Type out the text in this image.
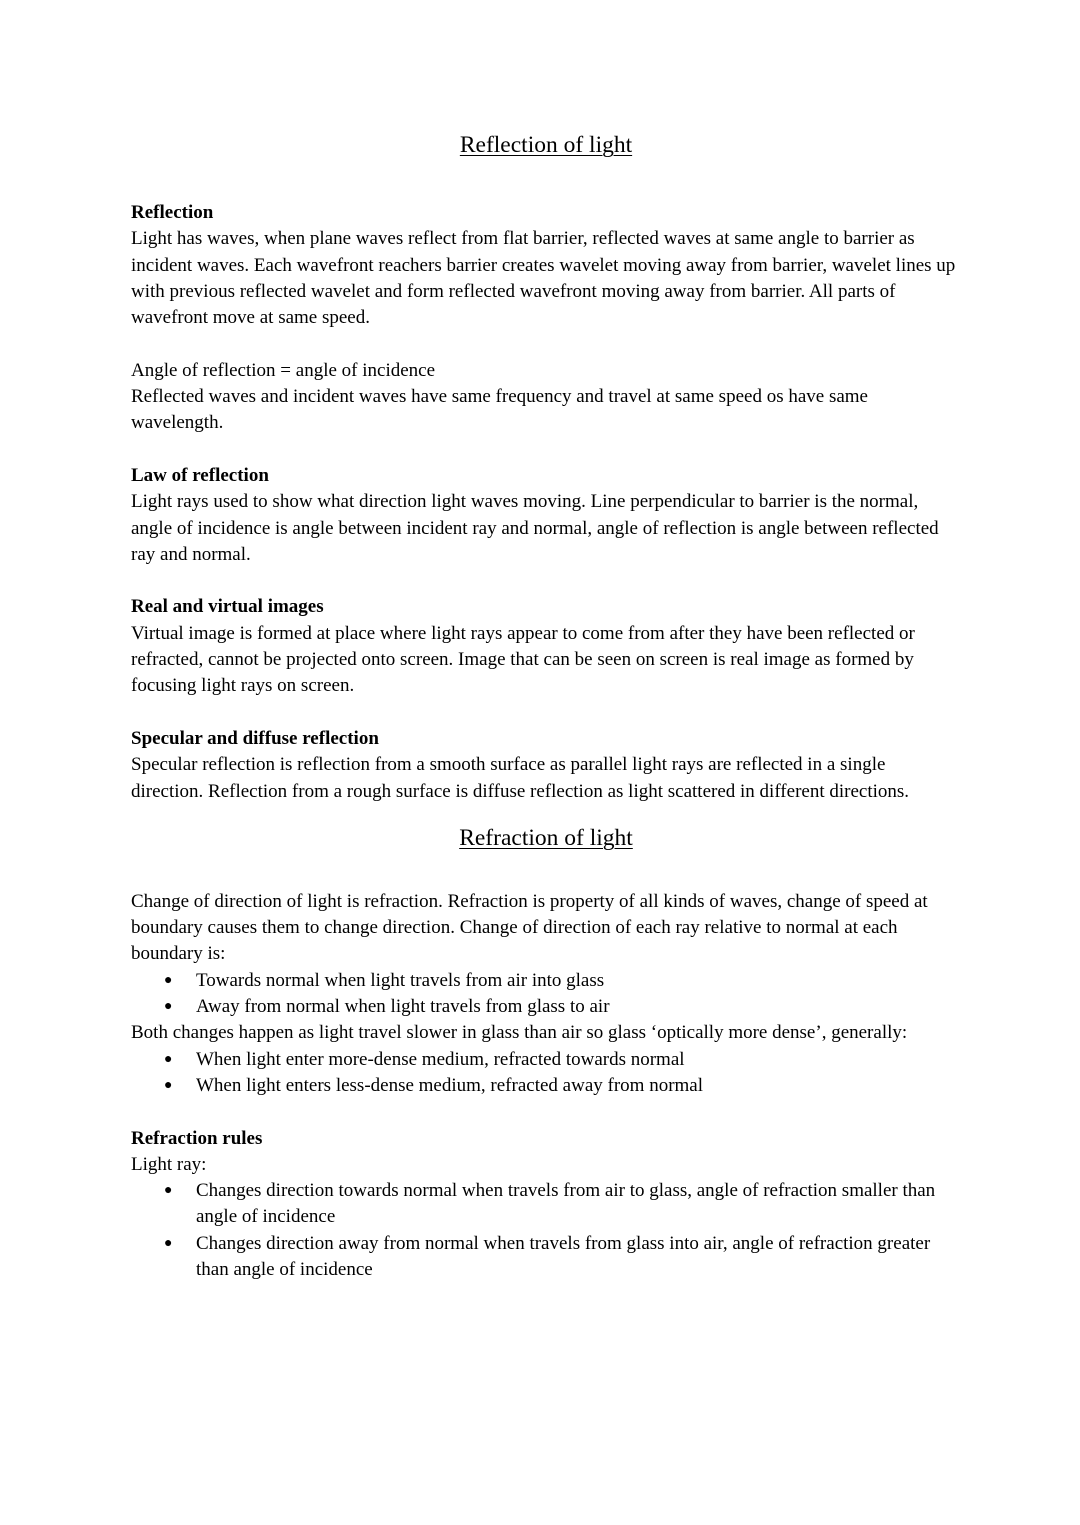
Reflection of light
Reflection

Light has waves, when plane waves reflect from flat barrier, reflected waves at same angle to barrier as incident waves. Each wavefront reachers barrier creates wavelet moving away from barrier, wavelet lines up with previous reflected wavelet and form reflected wavefront moving away from barrier. All parts of wavefront move at same speed.

Angle of reflection = angle of incidence

Reflected waves and incident waves have same frequency and travel at same speed os have same wavelength.

Law of reflection

Light rays used to show what direction light waves moving. Line perpendicular to barrier is the normal, angle of incidence is angle between incident ray and normal, angle of reflection is angle between reflected ray and normal.

Real and virtual images

Virtual image is formed at place where light rays appear to come from after they have been reflected or refracted, cannot be projected onto screen. Image that can be seen on screen is real image as formed by focusing light rays on screen.

Specular and diffuse reflection

Specular reflection is reflection from a smooth surface as parallel light rays are reflected in a single direction. Reflection from a rough surface is diffuse reflection as light scattered in different directions.

Refraction of light

Change of direction of light is refraction. Refraction is property of all kinds of waves, change of speed at boundary causes them to change direction. Change of direction of each ray relative to normal at each boundary is:

● Towards normal when light travels from air into glass
● Away from normal when light travels from glass to air

Both changes happen as light travel slower in glass than air so glass ‘optically more dense’, generally:

● When light enter more-dense medium, refracted towards normal
● When light enters less-dense medium, refracted away from normal
Refraction rules

Light ray:

● Changes direction towards normal when travels from air to glass, angle of refraction smaller than angle of incidence
● Changes direction away from normal when travels from glass into air, angle of refraction greater than angle of incidence
